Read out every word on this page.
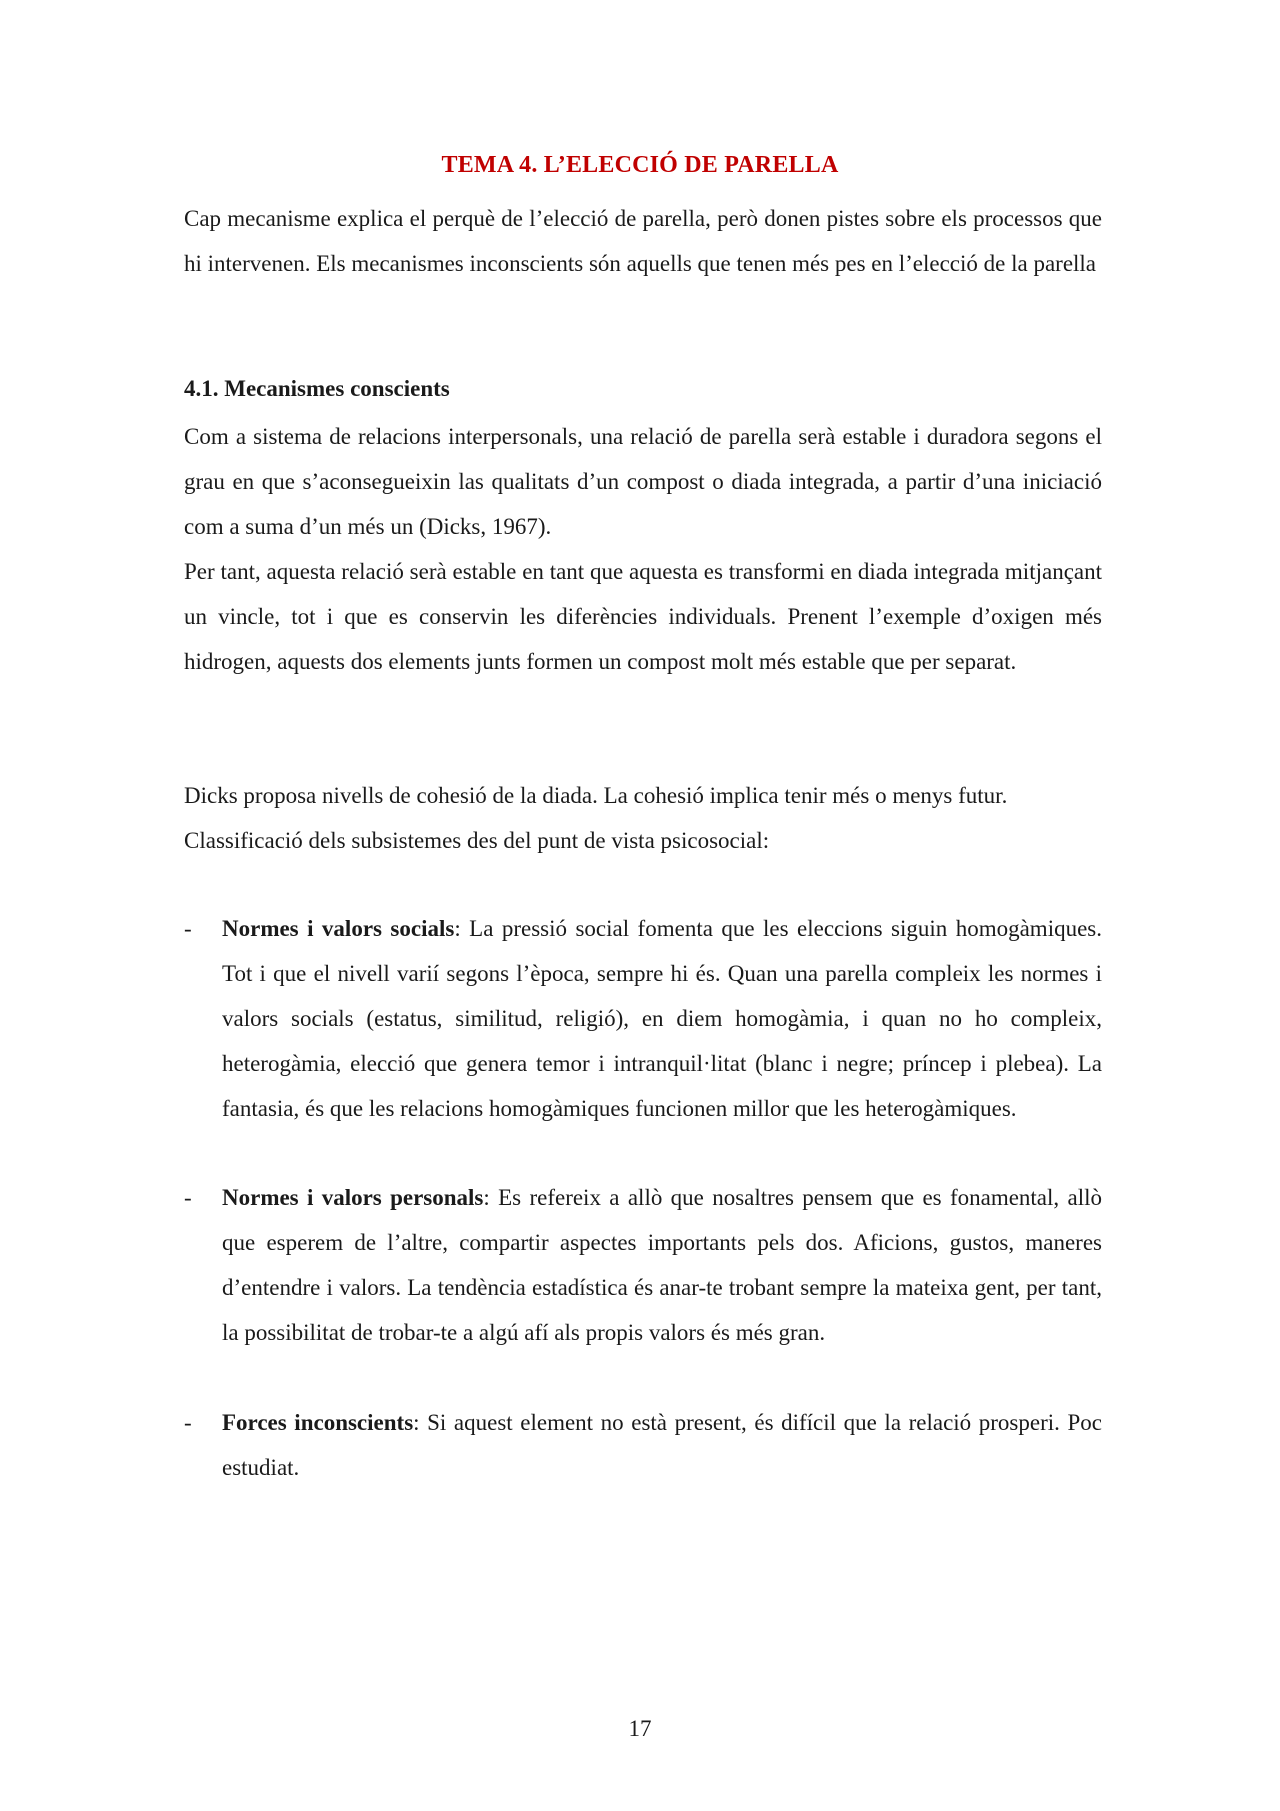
TEMA 4. L’ELECCIÓ DE PARELLA
Cap mecanisme explica el perquè de l’elecció de parella, però donen pistes sobre els processos que hi intervenen. Els mecanismes inconscients són aquells que tenen més pes en l’elecció de la parella
4.1. Mecanismes conscients
Com a sistema de relacions interpersonals, una relació de parella serà estable i duradora segons el grau en que s’aconsegueixin las qualitats d’un compost o diada integrada, a partir d’una iniciació com a suma d’un més un (Dicks, 1967).
Per tant, aquesta relació serà estable en tant que aquesta es transformi en diada integrada mitjançant un vincle, tot i que es conservin les diferències individuals. Prenent l’exemple d’oxigen més hidrogen, aquests dos elements junts formen un compost molt més estable que per separat.
Dicks proposa nivells de cohesió de la diada. La cohesió implica tenir més o menys futur. Classificació dels subsistemes des del punt de vista psicosocial:
- Normes i valors socials: La pressió social fomenta que les eleccions siguin homogàmiques. Tot i que el nivell varií segons l’època, sempre hi és. Quan una parella compleix les normes i valors socials (estatus, similitud, religió), en diem homogàmia, i quan no ho compleix, heterogàmia, elecció que genera temor i intranquil·litat (blanc i negre; príncep i plebea). La fantasia, és que les relacions homogàmiques funcionen millor que les heterogàmiques.
- Normes i valors personals: Es refereix a allò que nosaltres pensem que es fonamental, allò que esperem de l’altre, compartir aspectes importants pels dos. Aficions, gustos, maneres d’entendre i valors. La tendència estadística és anar-te trobant sempre la mateixa gent, per tant, la possibilitat de trobar-te a algú afí als propis valors és més gran.
- Forces inconscients: Si aquest element no està present, és difícil que la relació prosperi. Poc estudiat.
17
